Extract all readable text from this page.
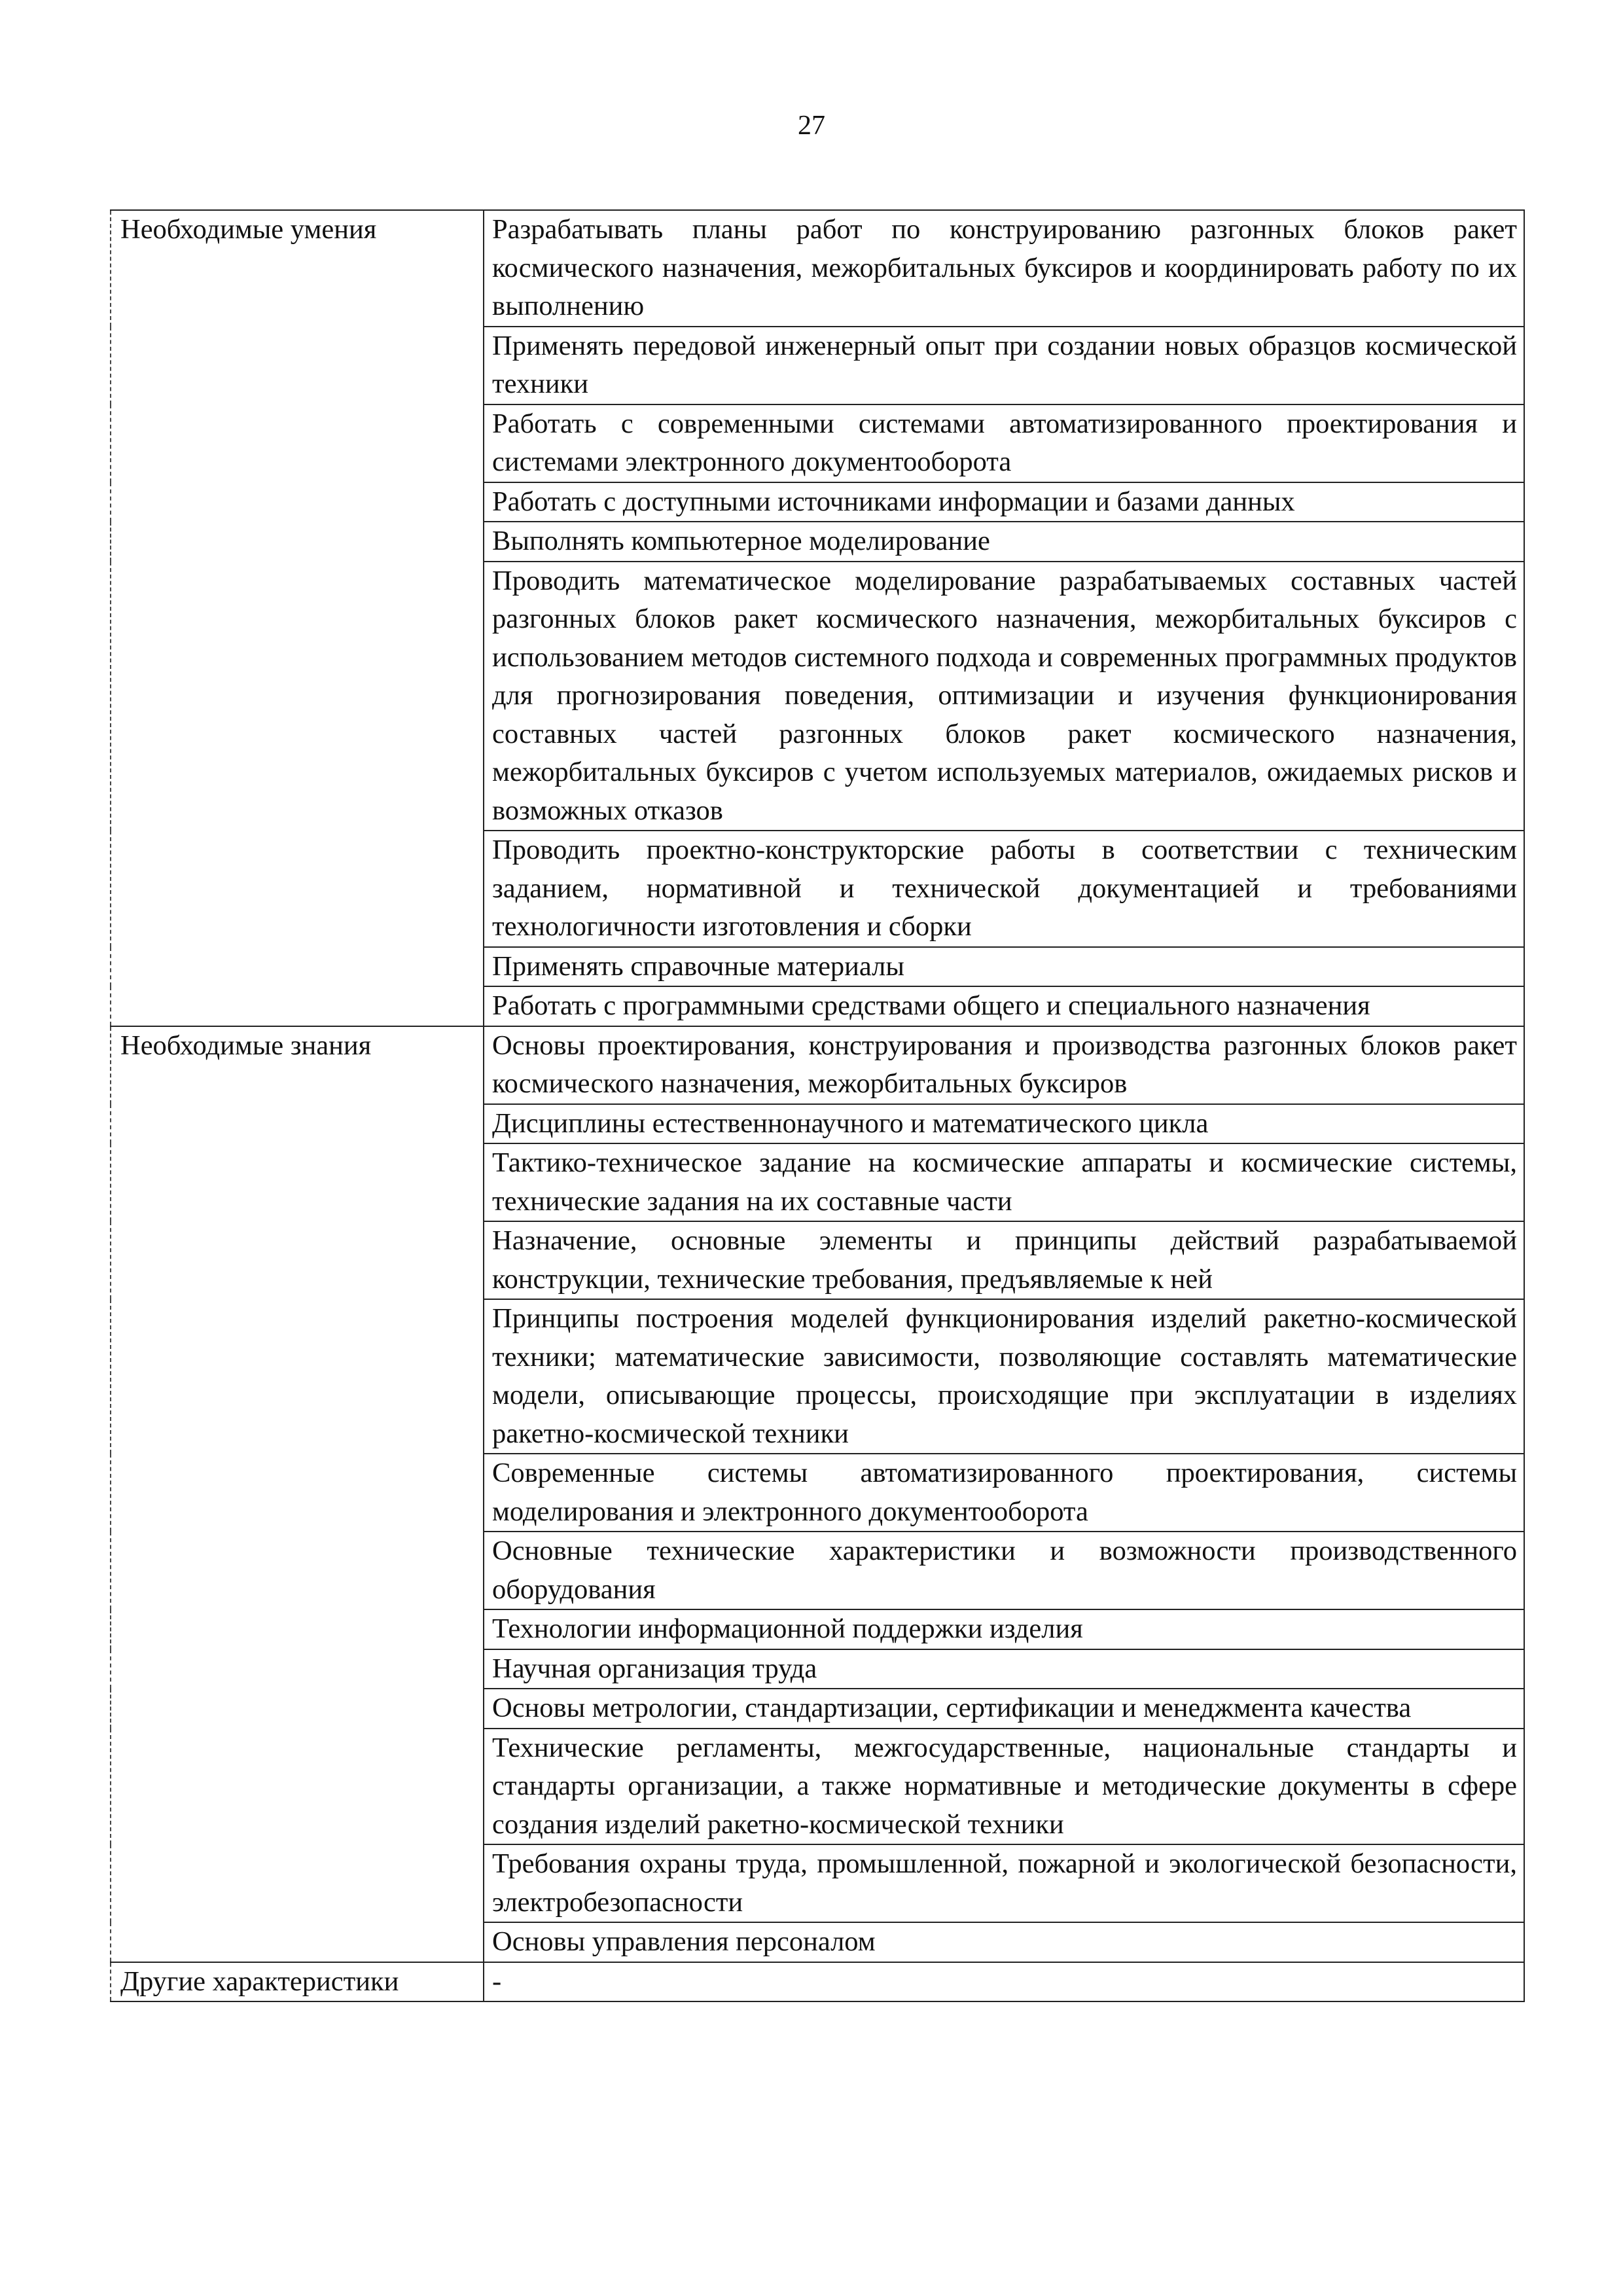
27
Необходимые умения	Разрабатывать планы работ по конструированию разгонных блоков ракет космического назначения, межорбитальных буксиров и координировать работу по их выполнению
	Применять передовой инженерный опыт при создании новых образцов космической техники
	Работать с современными системами автоматизированного проектирования и системами электронного документооборота
	Работать с доступными источниками информации и базами данных
	Выполнять компьютерное моделирование
	Проводить математическое моделирование разрабатываемых составных частей разгонных блоков ракет космического назначения, межорбитальных буксиров с использованием методов системного подхода и современных программных продуктов для прогнозирования поведения, оптимизации и изучения функционирования составных частей разгонных блоков ракет космического назначения, межорбитальных буксиров с учетом используемых материалов, ожидаемых рисков и возможных отказов
	Проводить проектно-конструкторские работы в соответствии с техническим заданием, нормативной и технической документацией и требованиями технологичности изготовления и сборки
	Применять справочные материалы
	Работать с программными средствами общего и специального назначения
Необходимые знания	Основы проектирования, конструирования и производства разгонных блоков ракет космического назначения, межорбитальных буксиров
	Дисциплины естественнонаучного и математического цикла
	Тактико-техническое задание на космические аппараты и космические системы, технические задания на их составные части
	Назначение, основные элементы и принципы действий разрабатываемой конструкции, технические требования, предъявляемые к ней
	Принципы построения моделей функционирования изделий ракетно-космической техники; математические зависимости, позволяющие составлять математические модели, описывающие процессы, происходящие при эксплуатации в изделиях ракетно-космической техники
	Современные системы автоматизированного проектирования, системы моделирования и электронного документооборота
	Основные технические характеристики и возможности производственного оборудования
	Технологии информационной поддержки изделия
	Научная организация труда
	Основы метрологии, стандартизации, сертификации и менеджмента качества
	Технические регламенты, межгосударственные, национальные стандарты и стандарты организации, а также нормативные и методические документы в сфере создания изделий ракетно-космической техники
	Требования охраны труда, промышленной, пожарной и экологической безопасности, электробезопасности
	Основы управления персоналом
Другие характеристики	-
